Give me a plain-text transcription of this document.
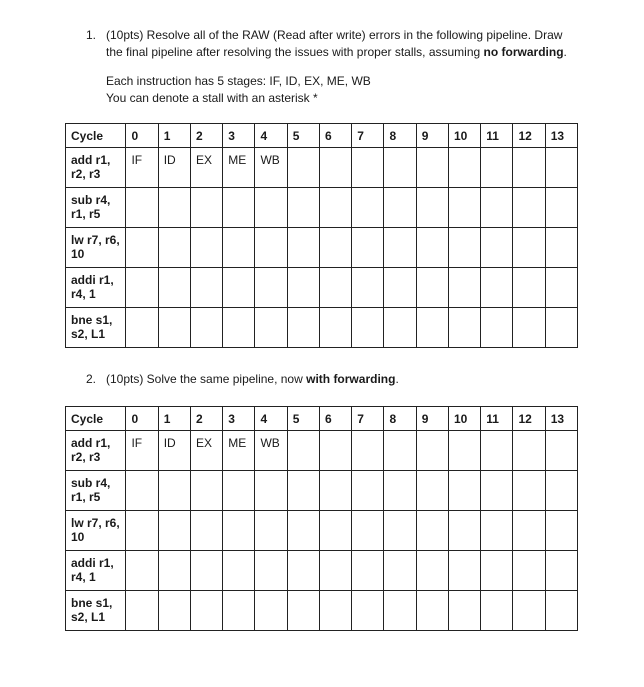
1. (10pts) Resolve all of the RAW (Read after write) errors in the following pipeline. Draw the final pipeline after resolving the issues with proper stalls, assuming no forwarding.
Each instruction has 5 stages: IF, ID, EX, ME, WB
You can denote a stall with an asterisk *
Cycle	0	1	2	3	4	5	6	7	8	9	10	11	12	13

add r1,
r2, r3	IF	ID	EX	ME	WB									

sub r4,
r1, r5														

lw r7, r6,
10														

addi r1,
r4, 1														

bne s1,
s2, L1														

2. (10pts) Solve the same pipeline, now with forwarding.
Cycle	0	1	2	3	4	5	6	7	8	9	10	11	12	13

add r1,
r2, r3	IF	ID	EX	ME	WB									

sub r4,
r1, r5														

lw r7, r6,
10														

addi r1,
r4, 1														

bne s1,
s2, L1														
